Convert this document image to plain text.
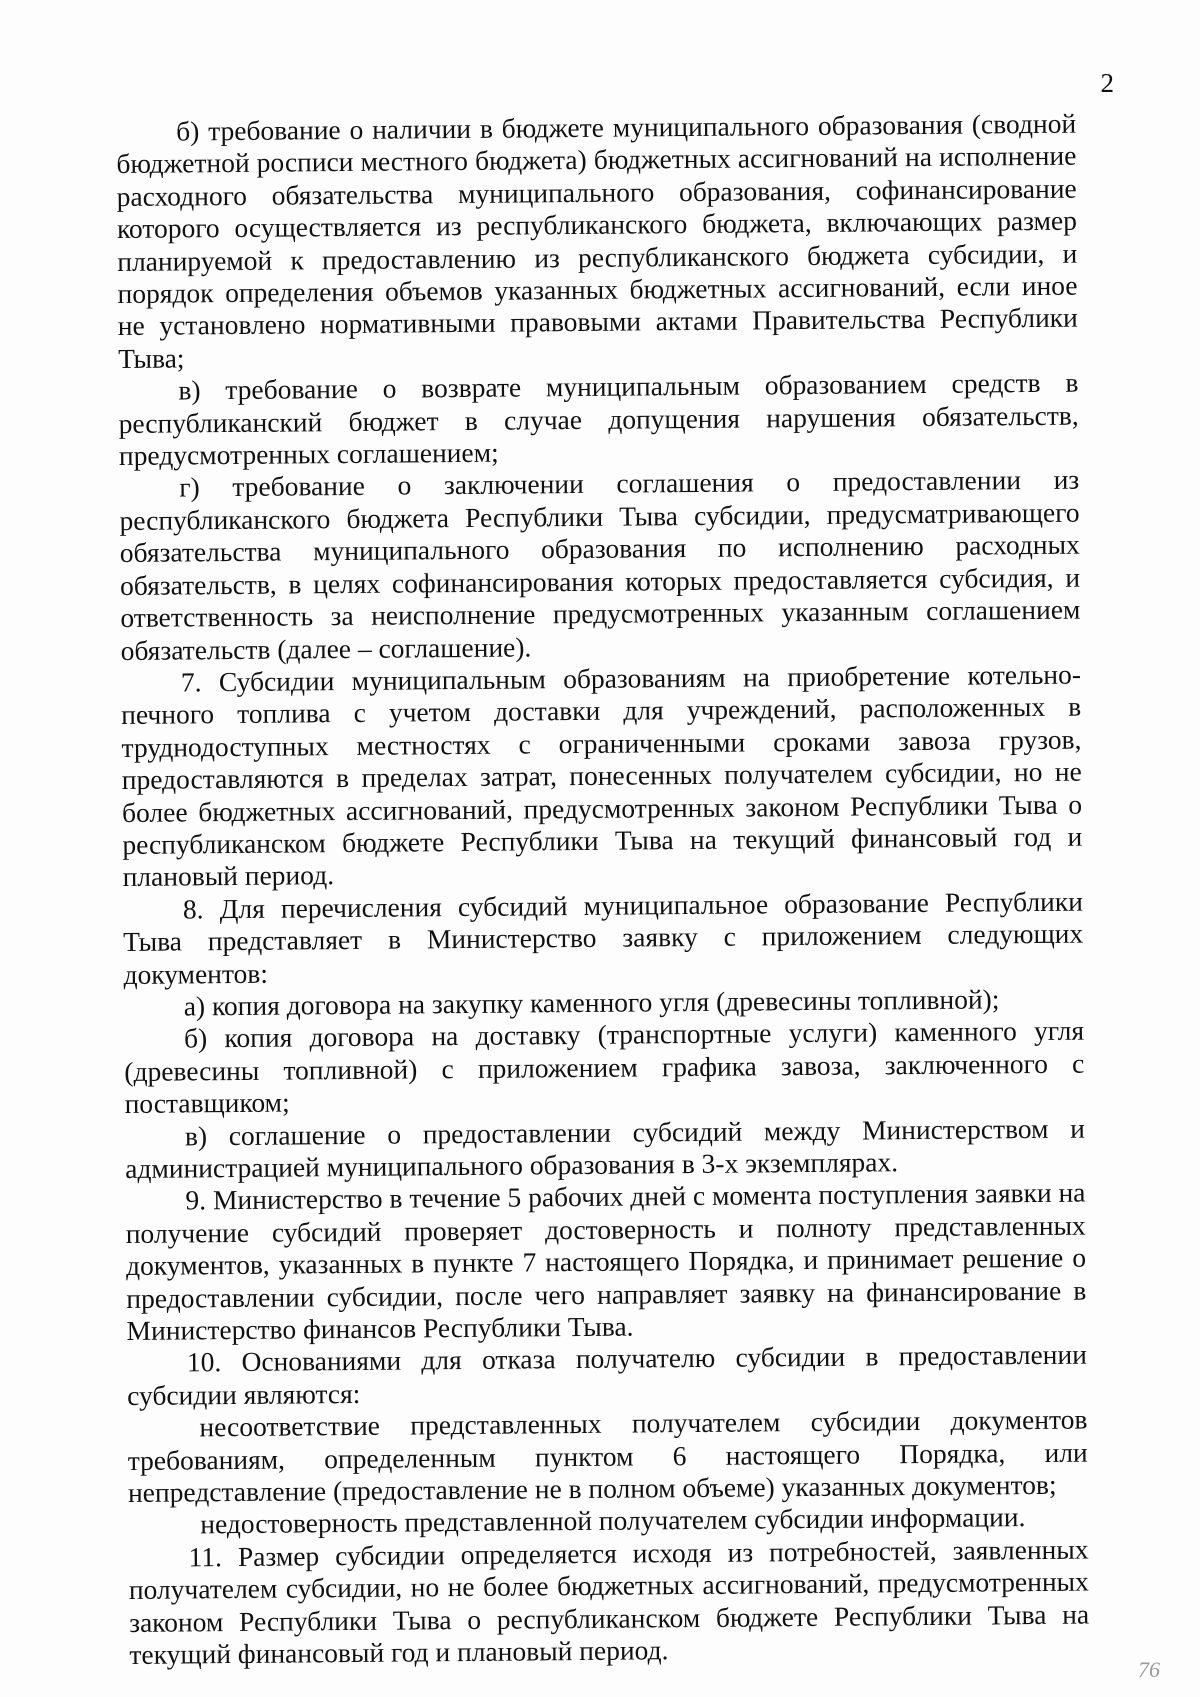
2

б) требование о наличии в бюджете муниципального образования (сводной бюджетной росписи местного бюджета) бюджетных ассигнований на исполнение расходного обязательства муниципального образования, софинансирование которого осуществляется из республиканского бюджета, включающих размер планируемой к предоставлению из республиканского бюджета субсидии, и порядок определения объемов указанных бюджетных ассигнований, если иное не установлено нормативными правовыми актами Правительства Республики Тыва;

в) требование о возврате муниципальным образованием средств в республиканский бюджет в случае допущения нарушения обязательств, предусмотренных соглашением;

г) требование о заключении соглашения о предоставлении из республиканского бюджета Республики Тыва субсидии, предусматривающего обязательства муниципального образования по исполнению расходных обязательств, в целях софинансирования которых предоставляется субсидия, и ответственность за неисполнение предусмотренных указанным соглашением обязательств (далее – соглашение).

7. Субсидии муниципальным образованиям на приобретение котельно-печного топлива с учетом доставки для учреждений, расположенных в труднодоступных местностях с ограниченными сроками завоза грузов, предоставляются в пределах затрат, понесенных получателем субсидии, но не более бюджетных ассигнований, предусмотренных законом Республики Тыва о республиканском бюджете Республики Тыва на текущий финансовый год и плановый период.

8. Для перечисления субсидий муниципальное образование Республики Тыва представляет в Министерство заявку с приложением следующих документов:

а) копия договора на закупку каменного угля (древесины топливной);

б) копия договора на доставку (транспортные услуги) каменного угля (древесины топливной) с приложением графика завоза, заключенного с поставщиком;

в) соглашение о предоставлении субсидий между Министерством и администрацией муниципального образования в 3-х экземплярах.

9. Министерство в течение 5 рабочих дней с момента поступления заявки на получение субсидий проверяет достоверность и полноту представленных документов, указанных в пункте 7 настоящего Порядка, и принимает решение о предоставлении субсидии, после чего направляет заявку на финансирование в Министерство финансов Республики Тыва.

10. Основаниями для отказа получателю субсидии в предоставлении субсидии являются:

несоответствие представленных получателем субсидии документов требованиям, определенным пунктом 6 настоящего Порядка, или непредставление (предоставление не в полном объеме) указанных документов;

недостоверность представленной получателем субсидии информации.

11. Размер субсидии определяется исходя из потребностей, заявленных получателем субсидии, но не более бюджетных ассигнований, предусмотренных законом Республики Тыва о республиканском бюджете Республики Тыва на текущий финансовый год и плановый период.	76
